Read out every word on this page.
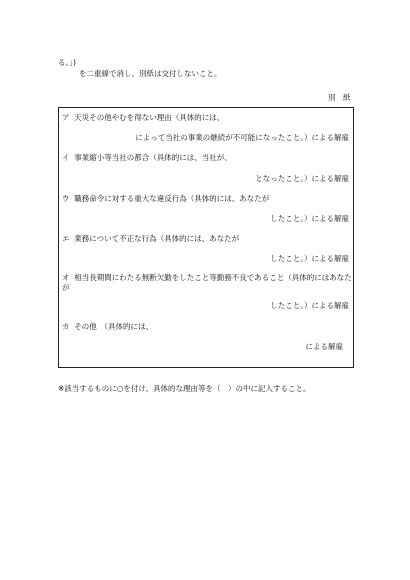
る。」)
を二重線で消し、別紙は交付しないこと。
別　紙
ア 天災その他やむを得ない理由（具体的には、
によって当社の事業の継続が不可能になったこと。）による解雇
イ 事業縮小等当社の都合（具体的には、当社が、
となったこと。）による解雇
ウ 職務命令に対する重大な違反行為（具体的には、あなたが
したこと。）による解雇
エ 業務について不正な行為（具体的には、あなたが
したこと。）による解雇
オ 相当長期間にわたる無断欠勤をしたこと等勤務不良であること（具体的にはあなた
が
したこと。）による解雇
カ その他　（具体的には、
による解雇
※該当するものに○を付け、具体的な理由等を（　）の中に記入すること。
